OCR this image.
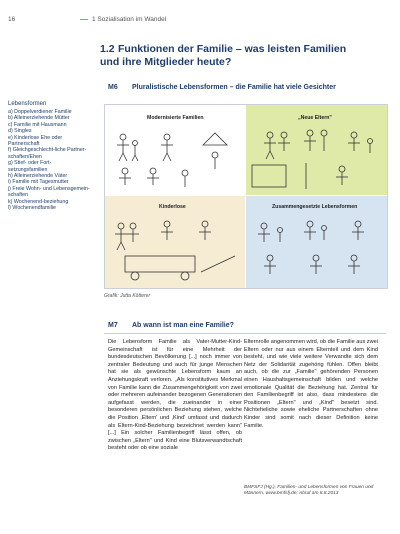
16	1 Sozialisation im Wandel
1.2 Funktionen der Familie – was leisten Familien und ihre Mitglieder heute?
M6 Pluralistische Lebensformen – die Familie hat viele Gesichter
Lebensformen
a) Doppelverdiener Familie
b) Alleinerziehende Mütter
c) Familie mit Hausmann
d) Singles
e) Kinderlose Ehe oder Partnerschaft
f) Gleichgeschlecht-liche Partner-schaften/Ehen
g) Stief- oder Fort-setzungsfamilien
h) Alleinerziehende Väter
i) Familie mit Tagesmutter
j) Freie Wohn- und Lebensgemein-schaften
k) Wochenend-beziehung
l) Wochenendfamilie
Modernisierte Familien	„Neue Eltern"
Kinderlose	Zusammengesetzte Lebensformen
Grafik: Jutta Kötterer
M7 Ab wann ist man eine Familie?

Die Lebensform Familie als Vater-Mutter-Kind-Gemeinschaft ist für eine Mehrheit der bundesdeutschen Bevölkerung [...] noch immer von zentraler Bedeutung und auch für junge Menschen hat sie als gewünschte Lebensform kaum an Anziehungskraft verloren. „Als konstitutives Merkmal von Familie kann die Zusammengehörigkeit von zwei oder mehreren aufeinander bezogenen Generationen aufgefasst werden, die zueinander in einer besonderen persönlichen Beziehung stehen, welche die Position ‚Eltern' und ‚Kind' umfasst und dadurch als Eltern-Kind-Beziehung bezeichnet werden kann" [...] Ein solcher Familienbegriff lässt offen, ob zwischen „Eltern" und Kind eine Blutsverwandtschaft besteht oder ob eine soziale

Elternrolle angenommen wird, ob die Familie aus zwei Eltern oder nur aus einem Elternteil und dem Kind besteht, und wie viele weitere Verwandte sich dem Netz der Solidarität zugehörig fühlen. Offen bleibt auch, ob die zur „Familie" gehörenden Personen einen Haushaltsgemeinschaft bilden und welche emotionale Qualität die Beziehung hat. Zentral für den Familienbegriff ist also, dass mindestens die Positionen „Eltern" und „Kind" besetzt sind. Nichteheliche sowie eheliche Partnerschaften ohne Kinder sind somit nach dieser Definition keine Familie.

BMFSFJ (Hg.), Familien- und Lebensformen von Frauen und Männern, www.bmfsfj.de; Abruf am 8.8.2013
